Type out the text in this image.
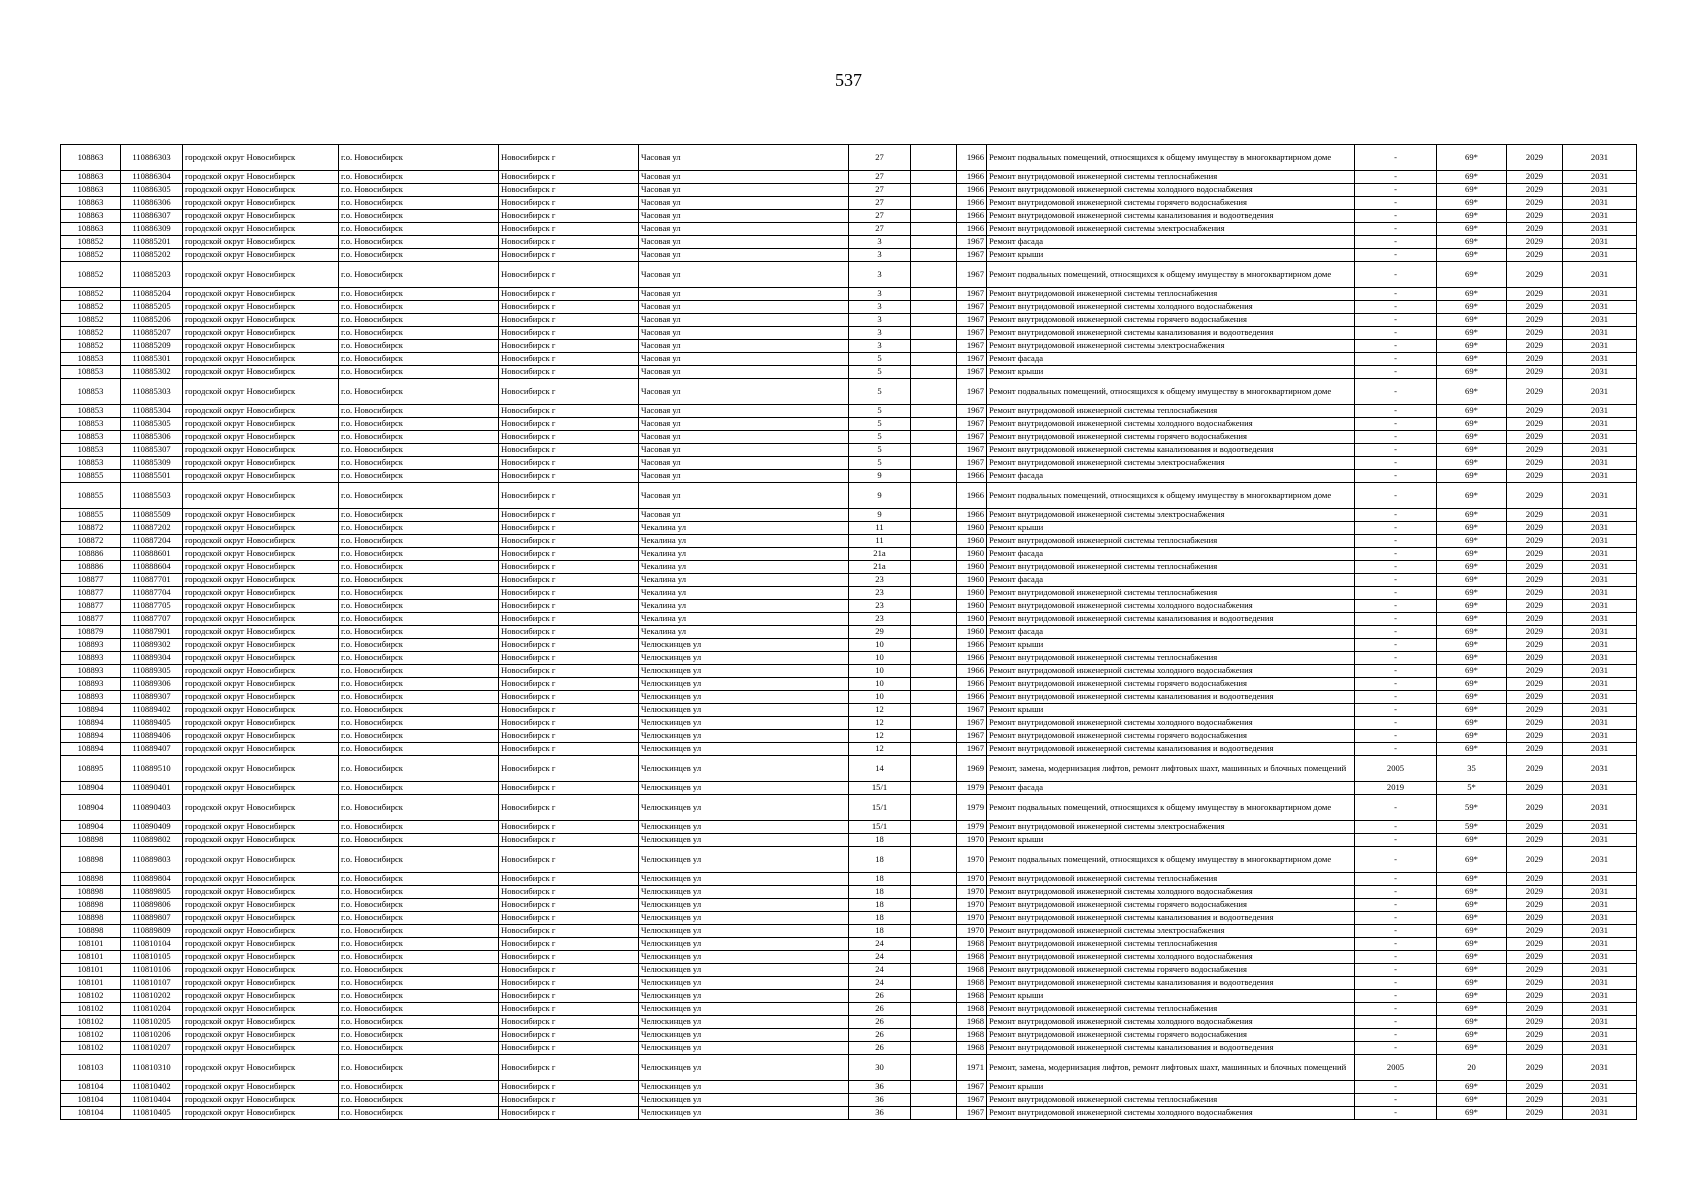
537
108863	110886303	городской округ Новосибирск	г.о. Новосибирск	Новосибирск г	Часовая ул	27		1966	Ремонт подвальных помещений, относящихся к общему имуществу в многоквартирном доме	-	69*	2029	2031
108863	110886304	городской округ Новосибирск	г.о. Новосибирск	Новосибирск г	Часовая ул	27		1966	Ремонт внутридомовой инженерной системы теплоснабжения	-	69*	2029	2031
108863	110886305	городской округ Новосибирск	г.о. Новосибирск	Новосибирск г	Часовая ул	27		1966	Ремонт внутридомовой инженерной системы холодного водоснабжения	-	69*	2029	2031
108863	110886306	городской округ Новосибирск	г.о. Новосибирск	Новосибирск г	Часовая ул	27		1966	Ремонт внутридомовой инженерной системы горячего водоснабжения	-	69*	2029	2031
108863	110886307	городской округ Новосибирск	г.о. Новосибирск	Новосибирск г	Часовая ул	27		1966	Ремонт внутридомовой инженерной системы канализования и водоотведения	-	69*	2029	2031
108863	110886309	городской округ Новосибирск	г.о. Новосибирск	Новосибирск г	Часовая ул	27		1966	Ремонт внутридомовой инженерной системы электроснабжения	-	69*	2029	2031
108852	110885201	городской округ Новосибирск	г.о. Новосибирск	Новосибирск г	Часовая ул	3		1967	Ремонт фасада	-	69*	2029	2031
108852	110885202	городской округ Новосибирск	г.о. Новосибирск	Новосибирск г	Часовая ул	3		1967	Ремонт крыши	-	69*	2029	2031
108852	110885203	городской округ Новосибирск	г.о. Новосибирск	Новосибирск г	Часовая ул	3		1967	Ремонт подвальных помещений, относящихся к общему имуществу в многоквартирном доме	-	69*	2029	2031
108852	110885204	городской округ Новосибирск	г.о. Новосибирск	Новосибирск г	Часовая ул	3		1967	Ремонт внутридомовой инженерной системы теплоснабжения	-	69*	2029	2031
108852	110885205	городской округ Новосибирск	г.о. Новосибирск	Новосибирск г	Часовая ул	3		1967	Ремонт внутридомовой инженерной системы холодного водоснабжения	-	69*	2029	2031
108852	110885206	городской округ Новосибирск	г.о. Новосибирск	Новосибирск г	Часовая ул	3		1967	Ремонт внутридомовой инженерной системы горячего водоснабжения	-	69*	2029	2031
108852	110885207	городской округ Новосибирск	г.о. Новосибирск	Новосибирск г	Часовая ул	3		1967	Ремонт внутридомовой инженерной системы канализования и водоотведения	-	69*	2029	2031
108852	110885209	городской округ Новосибирск	г.о. Новосибирск	Новосибирск г	Часовая ул	3		1967	Ремонт внутридомовой инженерной системы электроснабжения	-	69*	2029	2031
108853	110885301	городской округ Новосибирск	г.о. Новосибирск	Новосибирск г	Часовая ул	5		1967	Ремонт фасада	-	69*	2029	2031
108853	110885302	городской округ Новосибирск	г.о. Новосибирск	Новосибирск г	Часовая ул	5		1967	Ремонт крыши	-	69*	2029	2031
108853	110885303	городской округ Новосибирск	г.о. Новосибирск	Новосибирск г	Часовая ул	5		1967	Ремонт подвальных помещений, относящихся к общему имуществу в многоквартирном доме	-	69*	2029	2031
108853	110885304	городской округ Новосибирск	г.о. Новосибирск	Новосибирск г	Часовая ул	5		1967	Ремонт внутридомовой инженерной системы теплоснабжения	-	69*	2029	2031
108853	110885305	городской округ Новосибирск	г.о. Новосибирск	Новосибирск г	Часовая ул	5		1967	Ремонт внутридомовой инженерной системы холодного водоснабжения	-	69*	2029	2031
108853	110885306	городской округ Новосибирск	г.о. Новосибирск	Новосибирск г	Часовая ул	5		1967	Ремонт внутридомовой инженерной системы горячего водоснабжения	-	69*	2029	2031
108853	110885307	городской округ Новосибирск	г.о. Новосибирск	Новосибирск г	Часовая ул	5		1967	Ремонт внутридомовой инженерной системы канализования и водоотведения	-	69*	2029	2031
108853	110885309	городской округ Новосибирск	г.о. Новосибирск	Новосибирск г	Часовая ул	5		1967	Ремонт внутридомовой инженерной системы электроснабжения	-	69*	2029	2031
108855	110885501	городской округ Новосибирск	г.о. Новосибирск	Новосибирск г	Часовая ул	9		1966	Ремонт фасада	-	69*	2029	2031
108855	110885503	городской округ Новосибирск	г.о. Новосибирск	Новосибирск г	Часовая ул	9		1966	Ремонт подвальных помещений, относящихся к общему имуществу в многоквартирном доме	-	69*	2029	2031
108855	110885509	городской округ Новосибирск	г.о. Новосибирск	Новосибирск г	Часовая ул	9		1966	Ремонт внутридомовой инженерной системы электроснабжения	-	69*	2029	2031
108872	110887202	городской округ Новосибирск	г.о. Новосибирск	Новосибирск г	Чекалина ул	11		1960	Ремонт крыши	-	69*	2029	2031
108872	110887204	городской округ Новосибирск	г.о. Новосибирск	Новосибирск г	Чекалина ул	11		1960	Ремонт внутридомовой инженерной системы теплоснабжения	-	69*	2029	2031
108886	110888601	городской округ Новосибирск	г.о. Новосибирск	Новосибирск г	Чекалина ул	21а		1960	Ремонт фасада	-	69*	2029	2031
108886	110888604	городской округ Новосибирск	г.о. Новосибирск	Новосибирск г	Чекалина ул	21а		1960	Ремонт внутридомовой инженерной системы теплоснабжения	-	69*	2029	2031
108877	110887701	городской округ Новосибирск	г.о. Новосибирск	Новосибирск г	Чекалина ул	23		1960	Ремонт фасада	-	69*	2029	2031
108877	110887704	городской округ Новосибирск	г.о. Новосибирск	Новосибирск г	Чекалина ул	23		1960	Ремонт внутридомовой инженерной системы теплоснабжения	-	69*	2029	2031
108877	110887705	городской округ Новосибирск	г.о. Новосибирск	Новосибирск г	Чекалина ул	23		1960	Ремонт внутридомовой инженерной системы холодного водоснабжения	-	69*	2029	2031
108877	110887707	городской округ Новосибирск	г.о. Новосибирск	Новосибирск г	Чекалина ул	23		1960	Ремонт внутридомовой инженерной системы канализования и водоотведения	-	69*	2029	2031
108879	110887901	городской округ Новосибирск	г.о. Новосибирск	Новосибирск г	Чекалина ул	29		1960	Ремонт фасада	-	69*	2029	2031
108893	110889302	городской округ Новосибирск	г.о. Новосибирск	Новосибирск г	Челюскинцев ул	10		1966	Ремонт крыши	-	69*	2029	2031
108893	110889304	городской округ Новосибирск	г.о. Новосибирск	Новосибирск г	Челюскинцев ул	10		1966	Ремонт внутридомовой инженерной системы теплоснабжения	-	69*	2029	2031
108893	110889305	городской округ Новосибирск	г.о. Новосибирск	Новосибирск г	Челюскинцев ул	10		1966	Ремонт внутридомовой инженерной системы холодного водоснабжения	-	69*	2029	2031
108893	110889306	городской округ Новосибирск	г.о. Новосибирск	Новосибирск г	Челюскинцев ул	10		1966	Ремонт внутридомовой инженерной системы горячего водоснабжения	-	69*	2029	2031
108893	110889307	городской округ Новосибирск	г.о. Новосибирск	Новосибирск г	Челюскинцев ул	10		1966	Ремонт внутридомовой инженерной системы канализования и водоотведения	-	69*	2029	2031
108894	110889402	городской округ Новосибирск	г.о. Новосибирск	Новосибирск г	Челюскинцев ул	12		1967	Ремонт крыши	-	69*	2029	2031
108894	110889405	городской округ Новосибирск	г.о. Новосибирск	Новосибирск г	Челюскинцев ул	12		1967	Ремонт внутридомовой инженерной системы холодного водоснабжения	-	69*	2029	2031
108894	110889406	городской округ Новосибирск	г.о. Новосибирск	Новосибирск г	Челюскинцев ул	12		1967	Ремонт внутридомовой инженерной системы горячего водоснабжения	-	69*	2029	2031
108894	110889407	городской округ Новосибирск	г.о. Новосибирск	Новосибирск г	Челюскинцев ул	12		1967	Ремонт внутридомовой инженерной системы канализования и водоотведения	-	69*	2029	2031
108895	110889510	городской округ Новосибирск	г.о. Новосибирск	Новосибирск г	Челюскинцев ул	14		1969	Ремонт, замена, модернизация лифтов, ремонт лифтовых шахт, машинных и блочных помещений	2005	35	2029	2031
108904	110890401	городской округ Новосибирск	г.о. Новосибирск	Новосибирск г	Челюскинцев ул	15/1		1979	Ремонт фасада	2019	5*	2029	2031
108904	110890403	городской округ Новосибирск	г.о. Новосибирск	Новосибирск г	Челюскинцев ул	15/1		1979	Ремонт подвальных помещений, относящихся к общему имуществу в многоквартирном доме	-	59*	2029	2031
108904	110890409	городской округ Новосибирск	г.о. Новосибирск	Новосибирск г	Челюскинцев ул	15/1		1979	Ремонт внутридомовой инженерной системы электроснабжения	-	59*	2029	2031
108898	110889802	городской округ Новосибирск	г.о. Новосибирск	Новосибирск г	Челюскинцев ул	18		1970	Ремонт крыши	-	69*	2029	2031
108898	110889803	городской округ Новосибирск	г.о. Новосибирск	Новосибирск г	Челюскинцев ул	18		1970	Ремонт подвальных помещений, относящихся к общему имуществу в многоквартирном доме	-	69*	2029	2031
108898	110889804	городской округ Новосибирск	г.о. Новосибирск	Новосибирск г	Челюскинцев ул	18		1970	Ремонт внутридомовой инженерной системы теплоснабжения	-	69*	2029	2031
108898	110889805	городской округ Новосибирск	г.о. Новосибирск	Новосибирск г	Челюскинцев ул	18		1970	Ремонт внутридомовой инженерной системы холодного водоснабжения	-	69*	2029	2031
108898	110889806	городской округ Новосибирск	г.о. Новосибирск	Новосибирск г	Челюскинцев ул	18		1970	Ремонт внутридомовой инженерной системы горячего водоснабжения	-	69*	2029	2031
108898	110889807	городской округ Новосибирск	г.о. Новосибирск	Новосибирск г	Челюскинцев ул	18		1970	Ремонт внутридомовой инженерной системы канализования и водоотведения	-	69*	2029	2031
108898	110889809	городской округ Новосибирск	г.о. Новосибирск	Новосибирск г	Челюскинцев ул	18		1970	Ремонт внутридомовой инженерной системы электроснабжения	-	69*	2029	2031
108101	110810104	городской округ Новосибирск	г.о. Новосибирск	Новосибирск г	Челюскинцев ул	24		1968	Ремонт внутридомовой инженерной системы теплоснабжения	-	69*	2029	2031
108101	110810105	городской округ Новосибирск	г.о. Новосибирск	Новосибирск г	Челюскинцев ул	24		1968	Ремонт внутридомовой инженерной системы холодного водоснабжения	-	69*	2029	2031
108101	110810106	городской округ Новосибирск	г.о. Новосибирск	Новосибирск г	Челюскинцев ул	24		1968	Ремонт внутридомовой инженерной системы горячего водоснабжения	-	69*	2029	2031
108101	110810107	городской округ Новосибирск	г.о. Новосибирск	Новосибирск г	Челюскинцев ул	24		1968	Ремонт внутридомовой инженерной системы канализования и водоотведения	-	69*	2029	2031
108102	110810202	городской округ Новосибирск	г.о. Новосибирск	Новосибирск г	Челюскинцев ул	26		1968	Ремонт крыши	-	69*	2029	2031
108102	110810204	городской округ Новосибирск	г.о. Новосибирск	Новосибирск г	Челюскинцев ул	26		1968	Ремонт внутридомовой инженерной системы теплоснабжения	-	69*	2029	2031
108102	110810205	городской округ Новосибирск	г.о. Новосибирск	Новосибирск г	Челюскинцев ул	26		1968	Ремонт внутридомовой инженерной системы холодного водоснабжения	-	69*	2029	2031
108102	110810206	городской округ Новосибирск	г.о. Новосибирск	Новосибирск г	Челюскинцев ул	26		1968	Ремонт внутридомовой инженерной системы горячего водоснабжения	-	69*	2029	2031
108102	110810207	городской округ Новосибирск	г.о. Новосибирск	Новосибирск г	Челюскинцев ул	26		1968	Ремонт внутридомовой инженерной системы канализования и водоотведения	-	69*	2029	2031
108103	110810310	городской округ Новосибирск	г.о. Новосибирск	Новосибирск г	Челюскинцев ул	30		1971	Ремонт, замена, модернизация лифтов, ремонт лифтовых шахт, машинных и блочных помещений	2005	20	2029	2031
108104	110810402	городской округ Новосибирск	г.о. Новосибирск	Новосибирск г	Челюскинцев ул	36		1967	Ремонт крыши	-	69*	2029	2031
108104	110810404	городской округ Новосибирск	г.о. Новосибирск	Новосибирск г	Челюскинцев ул	36		1967	Ремонт внутридомовой инженерной системы теплоснабжения	-	69*	2029	2031
108104	110810405	городской округ Новосибирск	г.о. Новосибирск	Новосибирск г	Челюскинцев ул	36		1967	Ремонт внутридомовой инженерной системы холодного водоснабжения	-	69*	2029	2031
